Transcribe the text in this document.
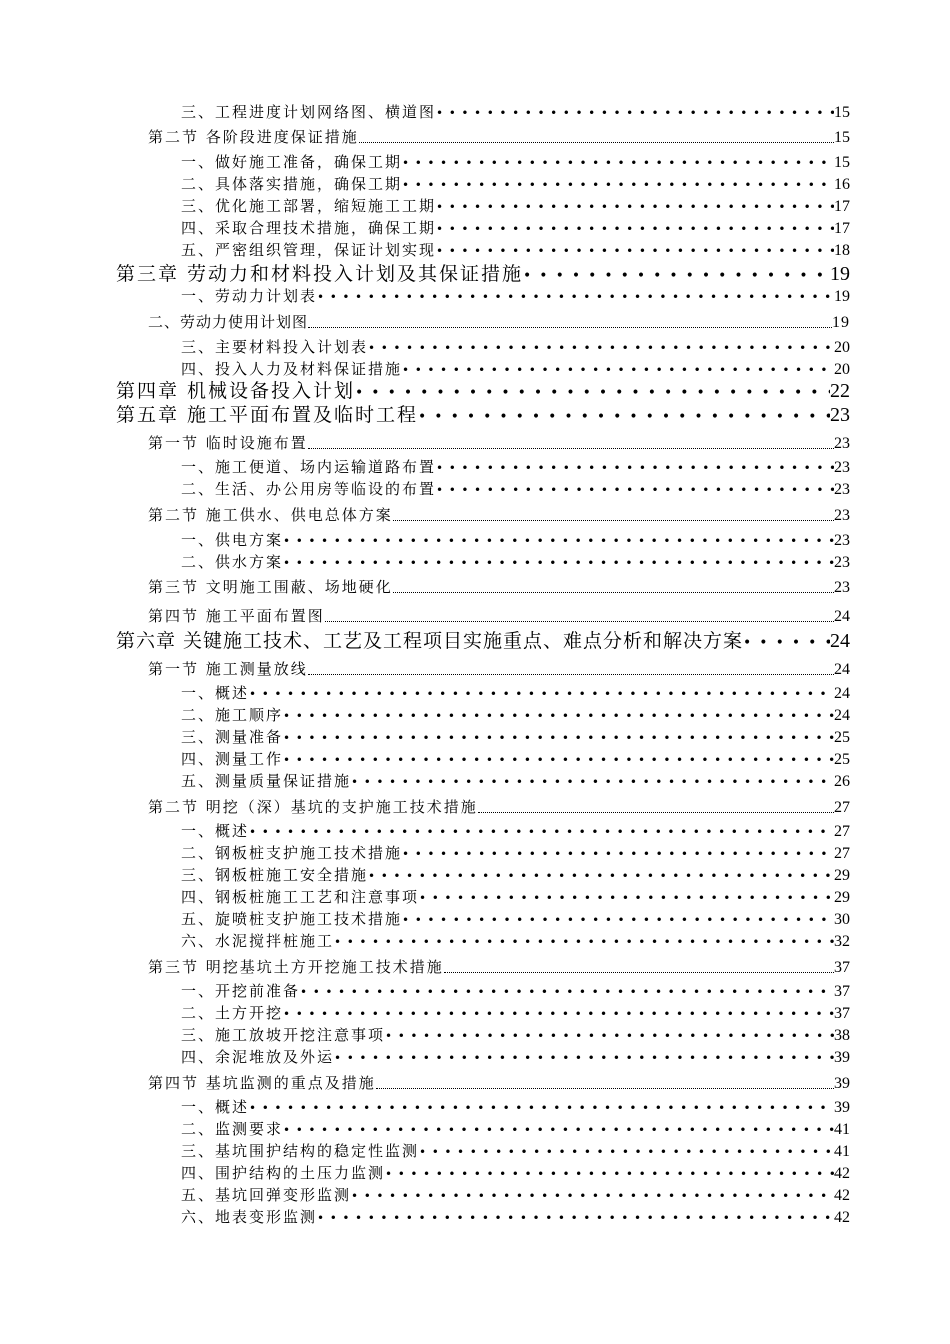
三、工程进度计划网络图、横道图 •••••	15
第二节 各阶段进度保证措施	15
一、做好施工准备，确保工期 •••••	15
二、具体落实措施，确保工期 •••••	16
三、优化施工部署，缩短施工工期 •••••	17
四、采取合理技术措施，确保工期 •••••	17
五、严密组织管理，保证计划实现 •••••	18
第三章 劳动力和材料投入计划及其保证措施 •••••	19
一、劳动力计划表 •••••	19
二、劳动力使用计划图	19
三、主要材料投入计划表 •••••	20
四、投入人力及材料保证措施 •••••	20
第四章 机械设备投入计划 •••••	22
第五章 施工平面布置及临时工程 •••••	23
第一节 临时设施布置	23
一、施工便道、场内运输道路布置 •••••	23
二、生活、办公用房等临设的布置 •••••	23
第二节 施工供水、供电总体方案	23
一、供电方案 •••••	23
二、供水方案 •••••	23
第三节 文明施工围蔽、场地硬化	23
第四节 施工平面布置图	24
第六章 关键施工技术、工艺及工程项目实施重点、难点分析和解决方案 •••••	24
第一节 施工测量放线	24
一、概述 •••••	24
二、施工顺序 •••••	24
三、测量准备 •••••	25
四、测量工作 •••••	25
五、测量质量保证措施 •••••	26
第二节 明挖（深）基坑的支护施工技术措施	27
一、概述 •••••	27
二、钢板桩支护施工技术措施 •••••	27
三、钢板桩施工安全措施 •••••	29
四、钢板桩施工工艺和注意事项 •••••	29
五、旋喷桩支护施工技术措施 •••••	30
六、水泥搅拌桩施工 •••••	32
第三节 明挖基坑土方开挖施工技术措施	37
一、开挖前准备 •••••	37
二、土方开挖 •••••	37
三、施工放坡开挖注意事项 •••••	38
四、余泥堆放及外运 •••••	39
第四节 基坑监测的重点及措施	39
一、概述 •••••	39
二、监测要求 •••••	41
三、基坑围护结构的稳定性监测 •••••	41
四、围护结构的土压力监测 •••••	42
五、基坑回弹变形监测 •••••	42
六、地表变形监测 •••••	42
